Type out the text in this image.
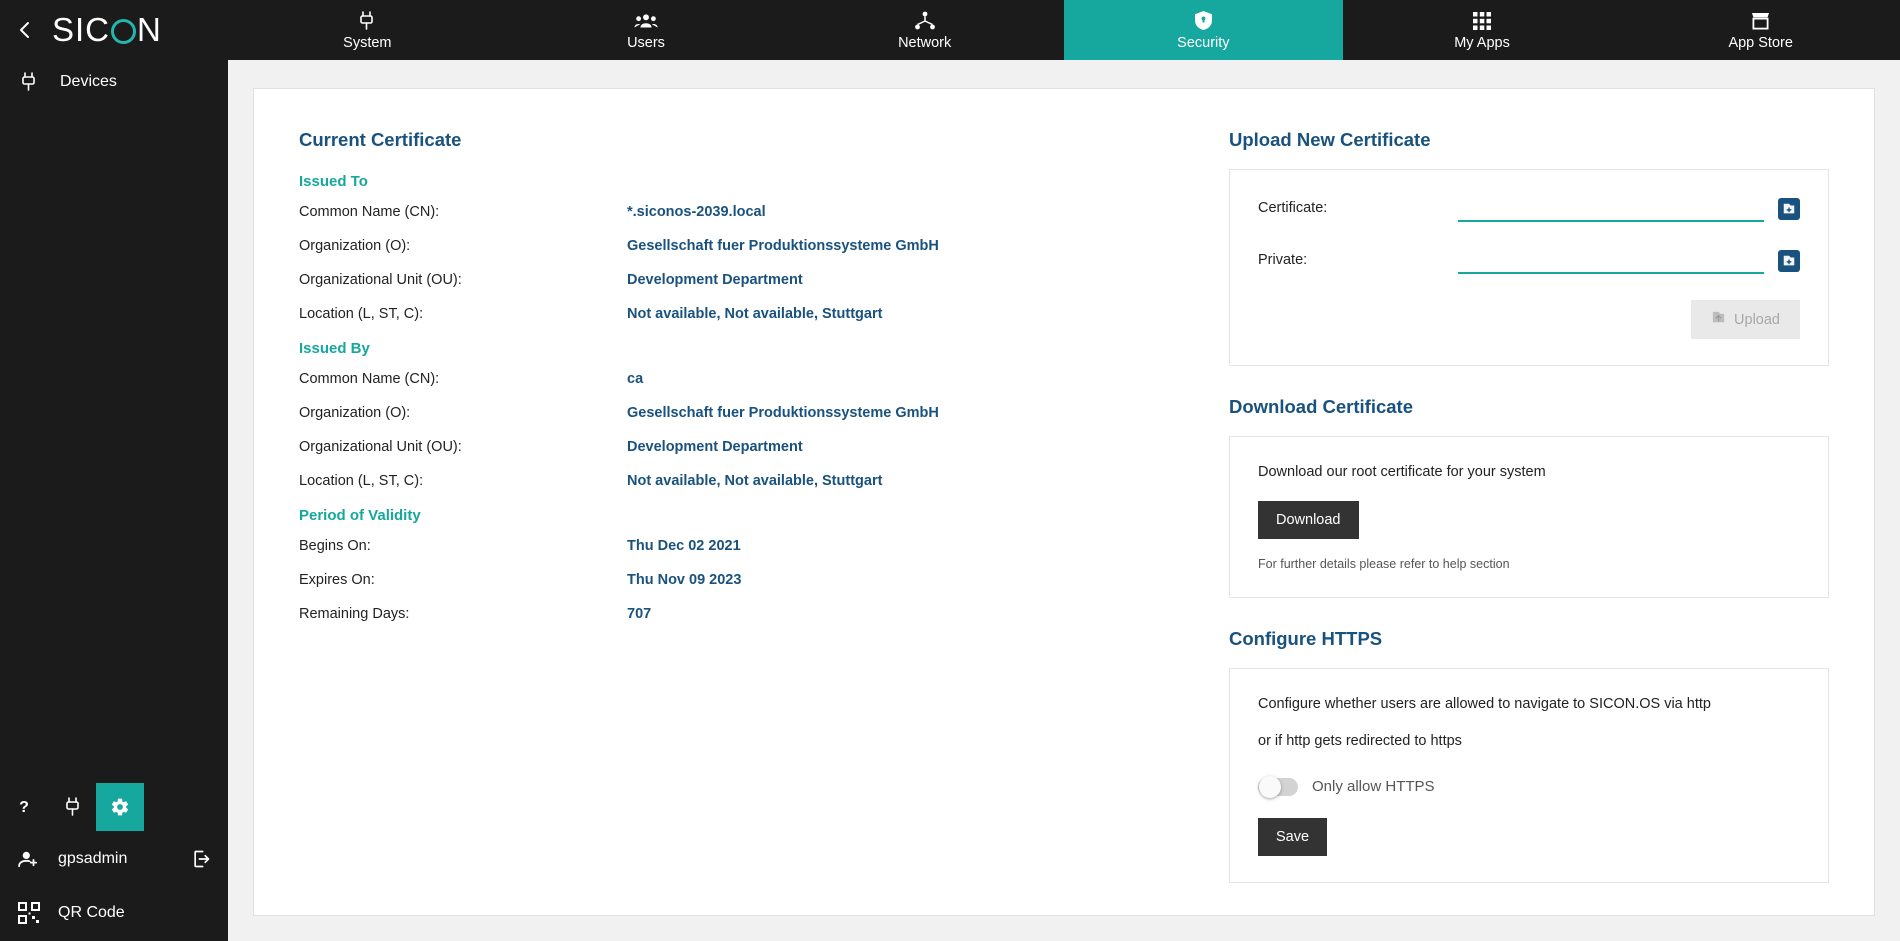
SIC N
Devices
?
gpsadmin
QR Code
System	Users	Network	Security	My Apps	App Store
Current Certificate
Issued To
Common Name (CN):	*.siconos-2039.local
Organization (O):	Gesellschaft fuer Produktionssysteme GmbH
Organizational Unit (OU):	Development Department
Location (L, ST, C):	Not available, Not available, Stuttgart
Issued By
Common Name (CN):	ca
Organization (O):	Gesellschaft fuer Produktionssysteme GmbH
Organizational Unit (OU):	Development Department
Location (L, ST, C):	Not available, Not available, Stuttgart
Period of Validity
Begins On:	Thu Dec 02 2021
Expires On:	Thu Nov 09 2023
Remaining Days:	707
Upload New Certificate
Certificate:
Private:
Upload
Download Certificate
Download our root certificate for your system
Download
For further details please refer to help section
Configure HTTPS
Configure whether users are allowed to navigate to SICON.OS via http
or if http gets redirected to https
Only allow HTTPS
Save
